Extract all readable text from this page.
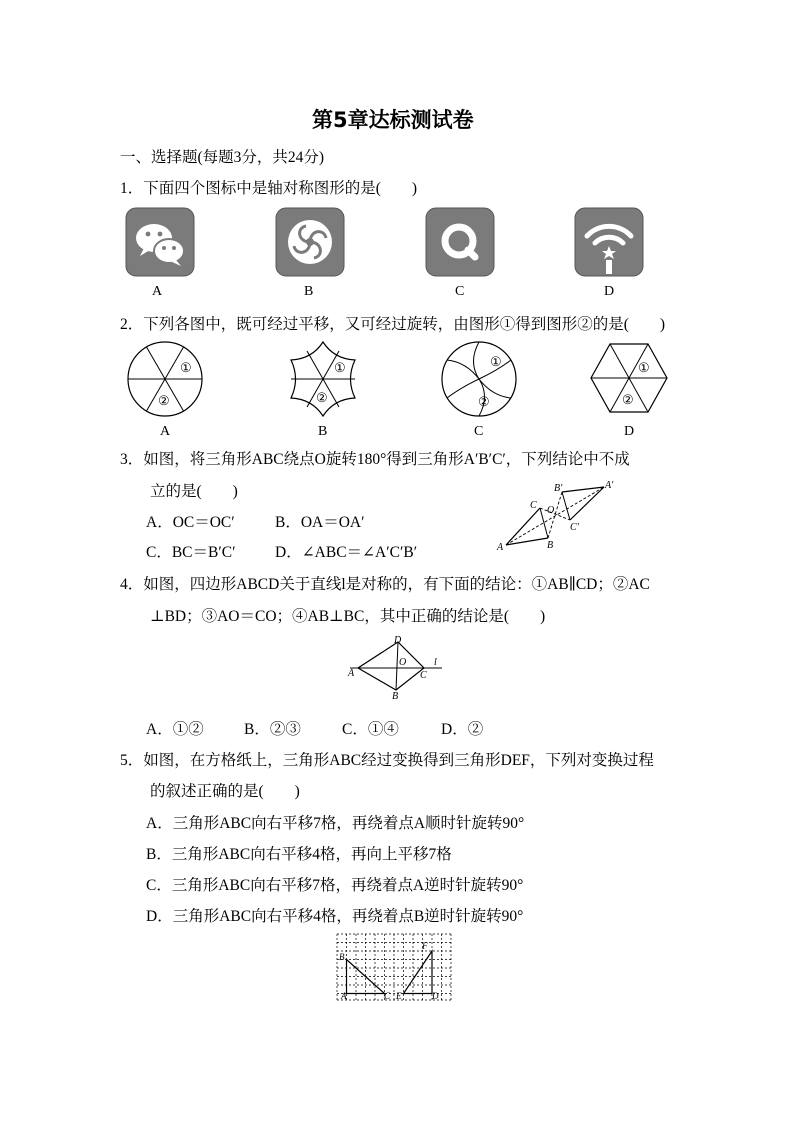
第5章达标测试卷
一、选择题(每题3分，共24分)
1．下面四个图标中是轴对称图形的是(　　)
A	B	C	D
2．下列各图中，既可经过平移，又可经过旋转，由图形①得到图形②的是(　　)
①
②
①
②
①
②
①
②
A	B	C	D
3．如图，将三角形ABC绕点O旋转180°得到三角形A′B′C′，下列结论中不成
立的是(　　)
A．OC＝OC′	B．OA＝OA′
C．BC＝B′C′	D．∠ABC＝∠A′C′B′	A	B
C O
A′
B′
C′
4．如图，四边形ABCD关于直线l是对称的，有下面的结论：①AB∥CD；②AC
⊥BD；③AO＝CO；④AB⊥BC，其中正确的结论是(　　)
D
A
B
C
O	l
A．①②	B．②③	C．①④	D．②
5．如图，在方格纸上，三角形ABC经过变换得到三角形DEF，下列对变换过程
的叙述正确的是(　　)
A．三角形ABC向右平移7格，再绕着点A顺时针旋转90°
B．三角形ABC向右平移4格，再向上平移7格
C．三角形ABC向右平移7格，再绕着点A逆时针旋转90°
D．三角形ABC向右平移4格，再绕着点B逆时针旋转90°
B
A	C E	D
F
